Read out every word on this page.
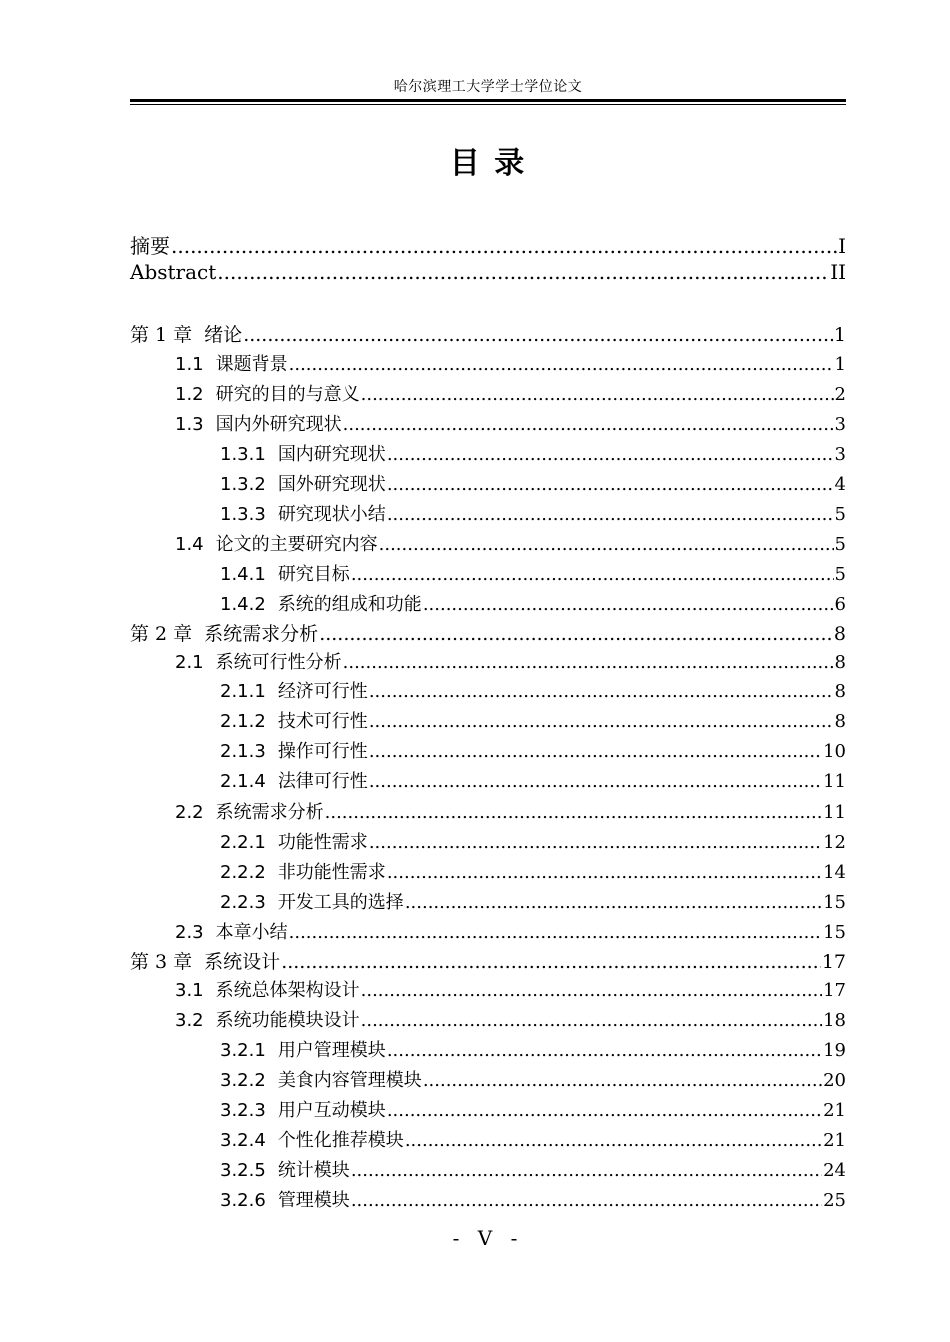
哈尔滨理工大学学士学位论文
目 录
摘要 .....	I
Abstract .....	II
第 1 章 绪论 .....	1
1.1 课题背景 .....	1
1.2 研究的目的与意义 .....	2
1.3 国内外研究现状 .....	3
1.3.1 国内研究现状 .....	3
1.3.2 国外研究现状 .....	4
1.3.3 研究现状小结 .....	5
1.4 论文的主要研究内容 .....	5
1.4.1 研究目标 .....	5
1.4.2 系统的组成和功能 .....	6
第 2 章 系统需求分析 .....	8
2.1 系统可行性分析 .....	8
2.1.1 经济可行性 .....	8
2.1.2 技术可行性 .....	8
2.1.3 操作可行性 .....	10
2.1.4 法律可行性 .....	11
2.2 系统需求分析 .....	11
2.2.1 功能性需求 .....	12
2.2.2 非功能性需求 .....	14
2.2.3 开发工具的选择 .....	15
2.3 本章小结 .....	15
第 3 章 系统设计 .....	17
3.1 系统总体架构设计 .....	17
3.2 系统功能模块设计 .....	18
3.2.1 用户管理模块 .....	19
3.2.2 美食内容管理模块 .....	20
3.2.3 用户互动模块 .....	21
3.2.4 个性化推荐模块 .....	21
3.2.5 统计模块 .....	24
3.2.6 管理模块 .....	25
- V -
